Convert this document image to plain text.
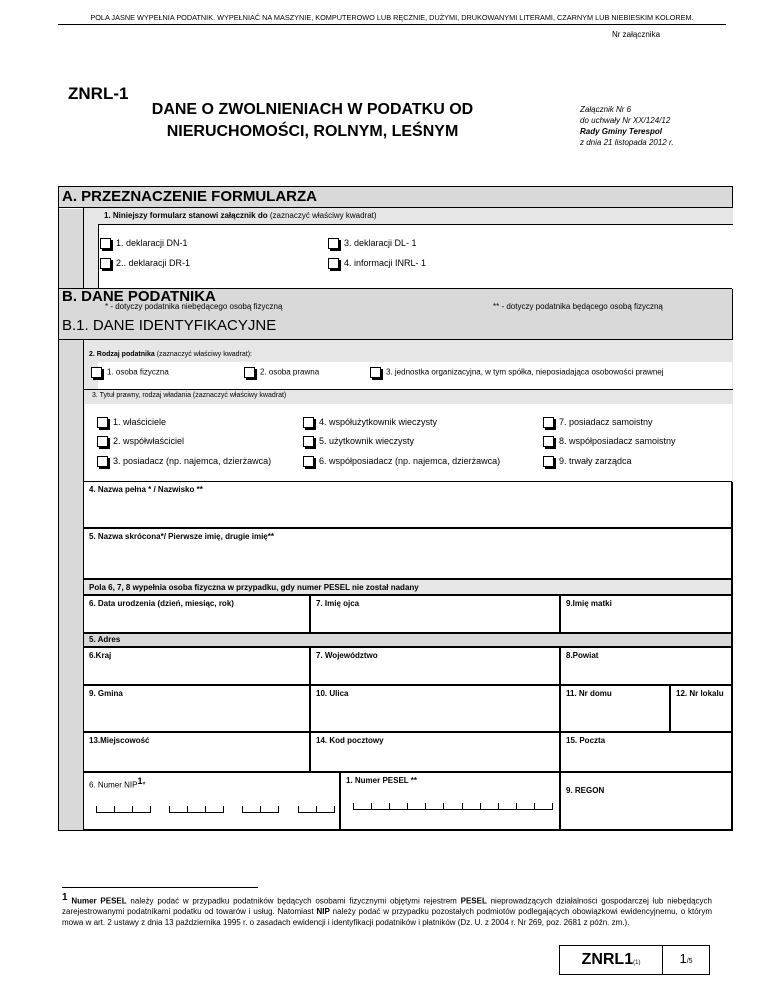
POLA JASNE WYPEŁNIA PODATNIK. WYPEŁNIAĆ NA MASZYNIE, KOMPUTEROWO LUB RĘCZNIE, DUŻYMI, DRUKOWANYMI LITERAMI, CZARNYM LUB NIEBIESKIM KOLOREM.
Nr załącznika
ZNRL-1
DANE O ZWOLNIENIACH W PODATKU OD
NIERUCHOMOŚCI, ROLNYM, LEŚNYM
Załącznik Nr 6
do uchwały Nr XX/124/12
Rady Gminy Terespol
z dnia 21 listopada 2012 r.
A. PRZEZNACZENIE FORMULARZA
1. Niniejszy formularz stanowi załącznik do (zaznaczyć właściwy kwadrat)
1. deklaracji DN-1	3. deklaracji DL- 1
2.. deklaracji DR-1	4. informacji INRL- 1
B. DANE PODATNIKA
* - dotyczy podatnika niebędącego osobą fizyczną	** - dotyczy podatnika będącego osobą fizyczną
B.1. DANE IDENTYFIKACYJNE
2. Rodzaj podatnika (zaznaczyć właściwy kwadrat):
1. osoba fizyczna	2. osoba prawna	3. jednostka organizacyjna, w tym spółka, nieposiadająca osobowości prawnej
3. Tytuł prawny, rodzaj władania (zaznaczyć właściwy kwadrat)
1. właściciele	4. współużytkownik wieczysty	7. posiadacz samoistny
2. współwłaściciel	5. użytkownik wieczysty	8. współposiadacz samoistny
3. posiadacz (np. najemca, dzierżawca)	6. współposiadacz (np. najemca, dzierżawca)	9. trwały zarządca
4. Nazwa pełna * / Nazwisko **
5. Nazwa skrócona*/ Pierwsze imię, drugie imię**
Pola 6, 7, 8 wypełnia osoba fizyczna w przypadku, gdy numer PESEL nie został nadany
6. Data urodzenia (dzień, miesiąc, rok)	7. Imię ojca	9.Imię matki
5. Adres
6.Kraj	7. Województwo	8.Powiat
9. Gmina	10. Ulica	11. Nr domu	12. Nr lokalu
13.Miejscowość	14. Kod pocztowy	15. Poczta
6. Numer NIP$^1$*
1. Numer PESEL **
9. REGON
$^1$ Numer PESEL należy podać w przypadku podatników będących osobami fizycznymi objętymi rejestrem PESEL nieprowadzących działalności gospodarczej lub niebędących zarejestrowanymi podatnikami podatku od towarów i usług. Natomiast NIP należy podać w przypadku pozostałych podmiotów podlegających obowiązkowi ewidencyjnemu, o którym mowa w art. 2 ustawy z dnia 13 października 1995 r. o zasadach ewidencji i identyfikacji podatników i płatników (Dz. U. z 2004 r. Nr 269, poz. 2681 z późn. zm.).
ZNRL1(1)	1/5
